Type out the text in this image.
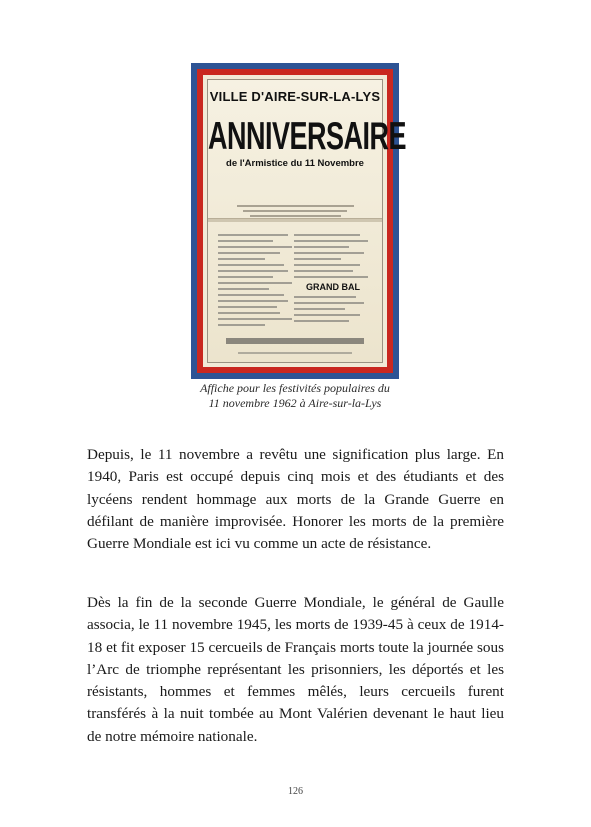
VILLE D'AIRE-SUR-LA-LYS
ANNIVERSAIRE
de l'Armistice du 11 Novembre
GRAND BAL
Affiche pour les festivités populaires du
11 novembre 1962 à Aire-sur-la-Lys

Depuis, le 11 novembre a revêtu une signification plus large. En 1940, Paris est occupé depuis cinq mois et des étudiants et des lycéens rendent hommage aux morts de la Grande Guerre en défilant de manière improvisée. Honorer les morts de la première Guerre Mondiale est ici vu comme un acte de résistance.

Dès la fin de la seconde Guerre Mondiale, le général de Gaulle associa, le 11 novembre 1945, les morts de 1939-45 à ceux de 1914-18 et fit exposer 15 cercueils de Français morts toute la journée sous l’Arc de triomphe représentant les prisonniers, les déportés et les résistants, hommes et femmes mêlés, leurs cercueils furent transférés à la nuit tombée au Mont Valérien devenant le haut lieu de notre mémoire nationale.

126
